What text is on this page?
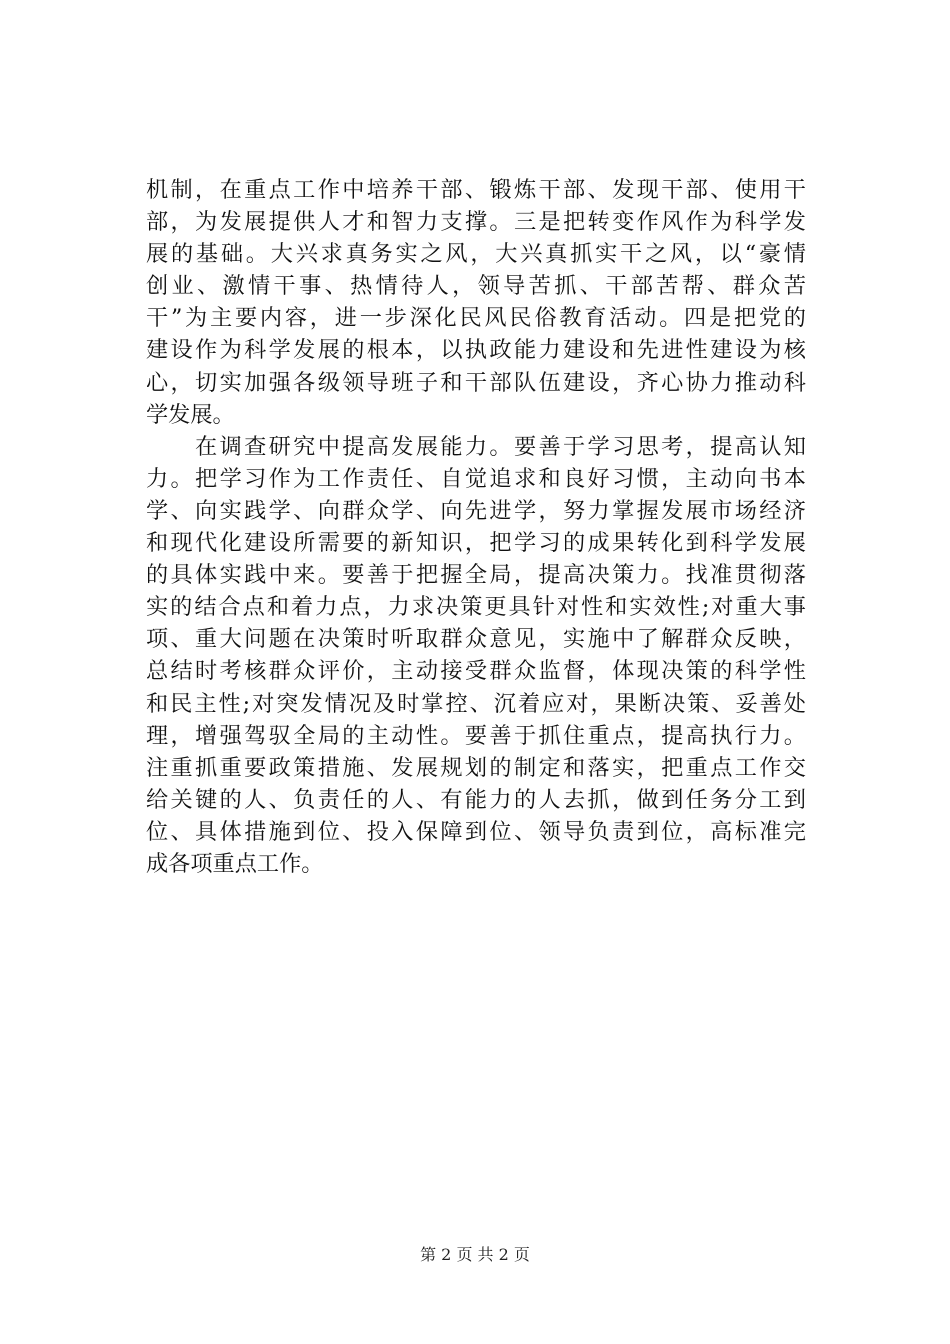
机制，在重点工作中培养干部、锻炼干部、发现干部、使用干
部，为发展提供人才和智力支撑。三是把转变作风作为科学发
展的基础。大兴求真务实之风，大兴真抓实干之风，以“豪情
创业、激情干事、热情待人，领导苦抓、干部苦帮、群众苦
干”为主要内容，进一步深化民风民俗教育活动。四是把党的
建设作为科学发展的根本，以执政能力建设和先进性建设为核
心，切实加强各级领导班子和干部队伍建设，齐心协力推动科
学发展。
　　在调查研究中提高发展能力。要善于学习思考，提高认知
力。把学习作为工作责任、自觉追求和良好习惯，主动向书本
学、向实践学、向群众学、向先进学，努力掌握发展市场经济
和现代化建设所需要的新知识，把学习的成果转化到科学发展
的具体实践中来。要善于把握全局，提高决策力。找准贯彻落
实的结合点和着力点，力求决策更具针对性和实效性;对重大事
项、重大问题在决策时听取群众意见，实施中了解群众反映，
总结时考核群众评价，主动接受群众监督，体现决策的科学性
和民主性;对突发情况及时掌控、沉着应对，果断决策、妥善处
理，增强驾驭全局的主动性。要善于抓住重点，提高执行力。
注重抓重要政策措施、发展规划的制定和落实，把重点工作交
给关键的人、负责任的人、有能力的人去抓，做到任务分工到
位、具体措施到位、投入保障到位、领导负责到位，高标准完
成各项重点工作。
第 2 页 共 2 页
